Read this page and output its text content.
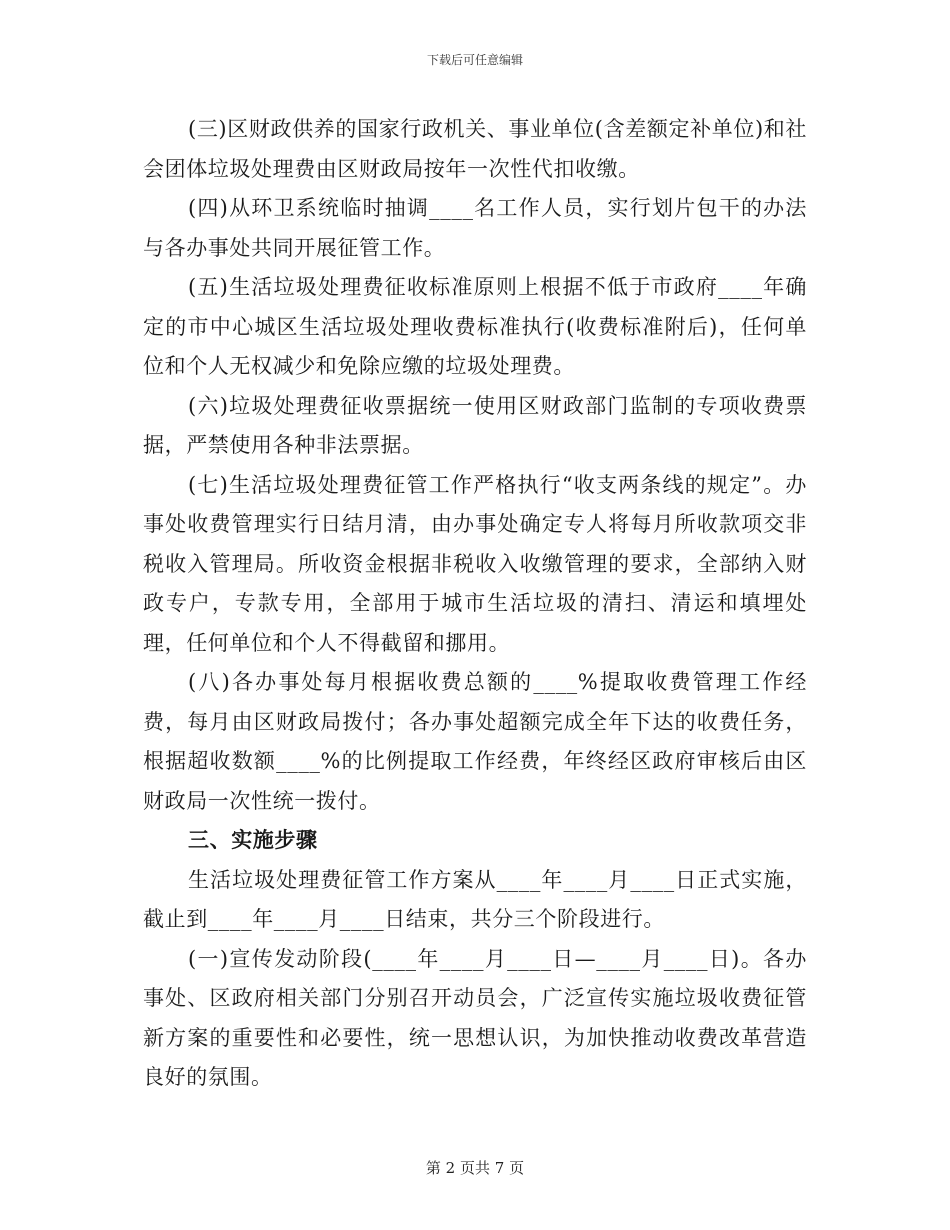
下载后可任意编辑

(三)区财政供养的国家行政机关、事业单位(含差额定补单位)和社会团体垃圾处理费由区财政局按年一次性代扣收缴。

(四)从环卫系统临时抽调____名工作人员，实行划片包干的办法与各办事处共同开展征管工作。

(五)生活垃圾处理费征收标准原则上根据不低于市政府____年确定的市中心城区生活垃圾处理收费标准执行(收费标准附后)，任何单位和个人无权减少和免除应缴的垃圾处理费。

(六)垃圾处理费征收票据统一使用区财政部门监制的专项收费票据，严禁使用各种非法票据。

(七)生活垃圾处理费征管工作严格执行“收支两条线的规定”。办事处收费管理实行日结月清，由办事处确定专人将每月所收款项交非税收入管理局。所收资金根据非税收入收缴管理的要求，全部纳入财政专户，专款专用，全部用于城市生活垃圾的清扫、清运和填埋处理，任何单位和个人不得截留和挪用。

(八)各办事处每月根据收费总额的____%提取收费管理工作经费，每月由区财政局拨付；各办事处超额完成全年下达的收费任务，根据超收数额____%的比例提取工作经费，年终经区政府审核后由区财政局一次性统一拨付。

三、实施步骤

生活垃圾处理费征管工作方案从____年____月____日正式实施，截止到____年____月____日结束，共分三个阶段进行。

(一)宣传发动阶段(____年____月____日—____月____日)。各办事处、区政府相关部门分别召开动员会，广泛宣传实施垃圾收费征管新方案的重要性和必要性，统一思想认识，为加快推动收费改革营造良好的氛围。

第 2 页共 7 页
